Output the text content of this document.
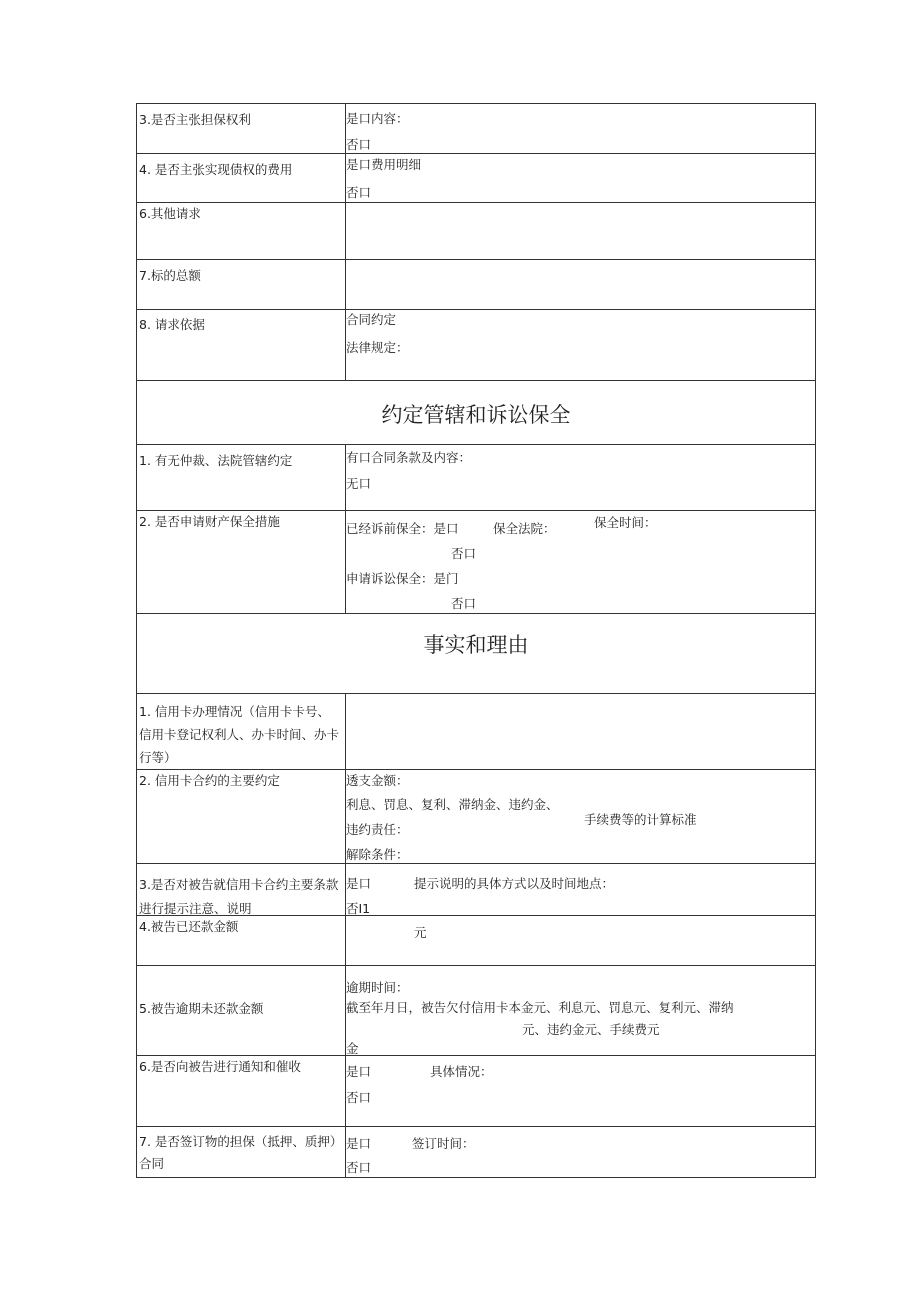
3.是否主张担保权利	是口内容：
否口
4. 是否主张实现债权的费用	是口费用明细
否口
6.其他请求
7.标的总额
8. 请求依据	合同约定
法律规定：
约定管辖和诉讼保全
1. 有无仲裁、法院管辖约定	有口合同条款及内容：
无口
2. 是否申请财产保全措施	已经诉前保全：是口	保全法院：	保全时间：
否口
申请诉讼保全：是门
否口
事实和理由
1. 信用卡办理情况（信用卡卡号、信用卡登记权利人、办卡时间、办卡行等）
2. 信用卡合约的主要约定	透支金额：
利息、罚息、复利、滞纳金、违约金、
手续费等的计算标准
违约责任：
解除条件：
3.是否对被告就信用卡合约主要条款进行提示注意、说明
是口	提示说明的具体方式以及时间地点：
否I1
4.被告已还款金额	元
5.被告逾期未还款金额
逾期时间：
截至年月日，被告欠付信用卡本金元、利息元、罚息元、复利元、滞纳
元、违约金元、手续费元
金
6.是否向被告进行通知和催收	是口	具体情况：
否口
7. 是否签订物的担保（抵押、质押）合同
是口	签订时间：
否口
